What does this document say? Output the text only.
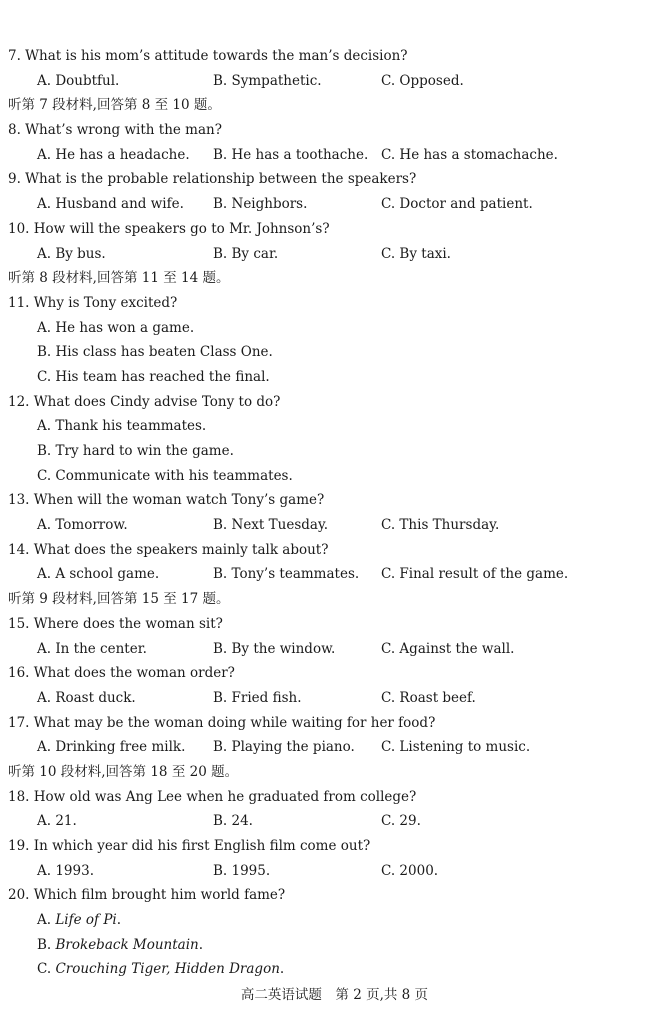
7. What is his mom’s attitude towards the man’s decision?
A. Doubtful.	B. Sympathetic.	C. Opposed.
听第 7 段材料,回答第 8 至 10 题。
8. What’s wrong with the man?
A. He has a headache. B. He has a toothache. C. He has a stomachache.
9. What is the probable relationship between the speakers?
A. Husband and wife. B. Neighbors.	C. Doctor and patient.
10. How will the speakers go to Mr. Johnson’s?
A. By bus.	B. By car.	C. By taxi.
听第 8 段材料,回答第 11 至 14 题。
11. Why is Tony excited?
A. He has won a game.
B. His class has beaten Class One.
C. His team has reached the final.
12. What does Cindy advise Tony to do?
A. Thank his teammates.
B. Try hard to win the game.
C. Communicate with his teammates.
13. When will the woman watch Tony’s game?
A. Tomorrow.	B. Next Tuesday.	C. This Thursday.
14. What does the speakers mainly talk about?
A. A school game.	B. Tony’s teammates. C. Final result of the game.
听第 9 段材料,回答第 15 至 17 题。
15. Where does the woman sit?
A. In the center.	B. By the window.	C. Against the wall.
16. What does the woman order?
A. Roast duck.	B. Fried fish.	C. Roast beef.
17. What may be the woman doing while waiting for her food?
A. Drinking free milk. B. Playing the piano. C. Listening to music.
听第 10 段材料,回答第 18 至 20 题。
18. How old was Ang Lee when he graduated from college?
A. 21.	B. 24.	C. 29.
19. In which year did his first English film come out?
A. 1993.	B. 1995.	C. 2000.
20. Which film brought him world fame?
A. Life of Pi.
B. Brokeback Mountain.
C. Crouching Tiger, Hidden Dragon.
高二英语试题　第 2 页,共 8 页
